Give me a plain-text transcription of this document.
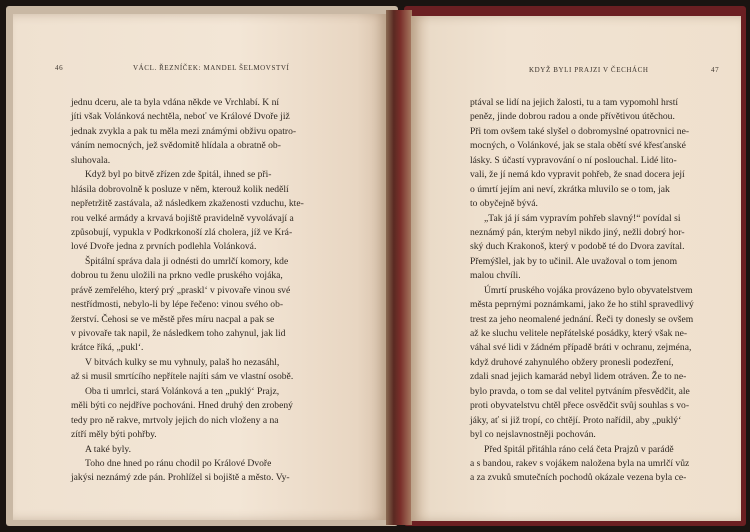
46	VÁCL. ŘEZNÍČEK: MANDEL ŠELMOVSTVÍ
jednu dceru, ale ta byla vdána někde ve Vrchlabí. K ní
jíti však Volánková nechtěla, neboť ve Králové Dvoře již
jednak zvykla a pak tu měla mezi známými obživu opatro-
váním nemocných, jež svědomitě hlídala a obratně ob-
sluhovala.
Když byl po bitvě zřízen zde špitál, ihned se při-
hlásila dobrovolně k posluze v něm, kterouž kolik nedělí
nepřetržitě zastávala, až následkem zkaženosti vzduchu, kte-
rou velké armády a krvavá bojiště pravidelně vyvolávají a
způsobují, vypukla v Podkrkonoší zlá cholera, jíž ve Krá-
lové Dvoře jedna z prvních podlehla Volánková.
Špitální správa dala ji odnésti do umrlčí komory, kde
dobrou tu ženu uložili na prkno vedle pruského vojáka,
právě zemřelého, který prý „prasklʻ v pivovaře vinou své
nestřídmosti, nebylo-li by lépe řečeno: vinou svého ob-
žerství. Čehosi se ve městě přes míru nacpal a pak se
v pivovaře tak napil, že následkem toho zahynul, jak lid
krátce říká, „puklʻ.
V bitvách kulky se mu vyhnuly, palaš ho nezasáhl,
až si musil smrtícího nepřítele najíti sám ve vlastní osobě.
Oba ti umrlci, stará Volánková a ten „puklýʻ Prajz,
měli býti co nejdříve pochováni. Hned druhý den zrobený
tedy pro ně rakve, mrtvoly jejich do nich vloženy a na
zítří měly býti pohřby.
A také byly.
Toho dne hned po ránu chodil po Králové Dvoře
jakýsi neznámý zde pán. Prohlížel si bojiště a město. Vy-
KDYŽ BYLI PRAJZI V ČECHÁCH	47
ptával se lidí na jejich žalosti, tu a tam vypomohl hrstí
peněz, jinde dobrou radou a onde přívětivou útěchou.
Při tom ovšem také slyšel o dobromyslné opatrovnici ne-
mocných, o Volánkové, jak se stala obětí své křesťanské
lásky. S účastí vypravování o ní poslouchal. Lidé lito-
vali, že jí nemá kdo vypravit pohřeb, že snad docera její
o úmrtí jejím ani neví, zkrátka mluvilo se o tom, jak
to obyčejně bývá.
„Tak já jí sám vypravím pohřeb slavný!“ povídal si
neznámý pán, kterým nebyl nikdo jiný, nežli dobrý hor-
ský duch Krakonoš, který v podobě té do Dvora zavítal.
Přemýšlel, jak by to učinil. Ale uvažoval o tom jenom
malou chvíli.
Úmrtí pruského vojáka provázeno bylo obyvatelstvem
města peprnými poznámkami, jako že ho stihl spravedlivý
trest za jeho neomalené jednání. Řeči ty donesly se ovšem
až ke sluchu velitele nepřátelské posádky, který však ne-
váhal své lidi v žádném případě bráti v ochranu, zejména,
když druhové zahynulého obžery pronesli podezření,
zdali snad jejich kamarád nebyl lidem otráven. Že to ne-
bylo pravda, o tom se dal velitel pytváním přesvědčit, ale
proti obyvatelstvu chtěl přece osvědčit svůj souhlas s vo-
jáky, ať si již tropí, co chtějí. Proto nařídil, aby „puklýʻ
byl co nejslavnostněji pochován.
Před špitál přitáhla ráno celá četa Prajzů v parádě
a s bandou, rakev s vojákem naložena byla na umrlčí vůz
a za zvuků smutečních pochodů okázale vezena byla ce-
